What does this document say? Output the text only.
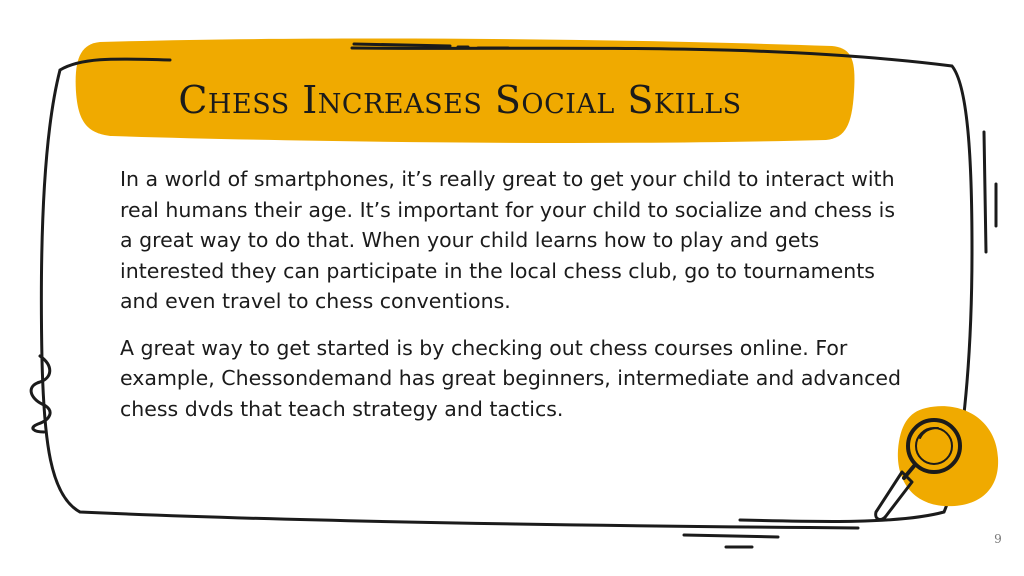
Chess Increases Social Skills

In a world of smartphones, it’s really great to get your child to interact with real humans their age. It’s important for your child to socialize and chess is a great way to do that. When your child learns how to play and gets interested they can participate in the local chess club, go to tournaments and even travel to chess conventions.

A great way to get started is by checking out chess courses online. For example, Chessondemand has great beginners, intermediate and advanced chess dvds that teach strategy and tactics.

9
